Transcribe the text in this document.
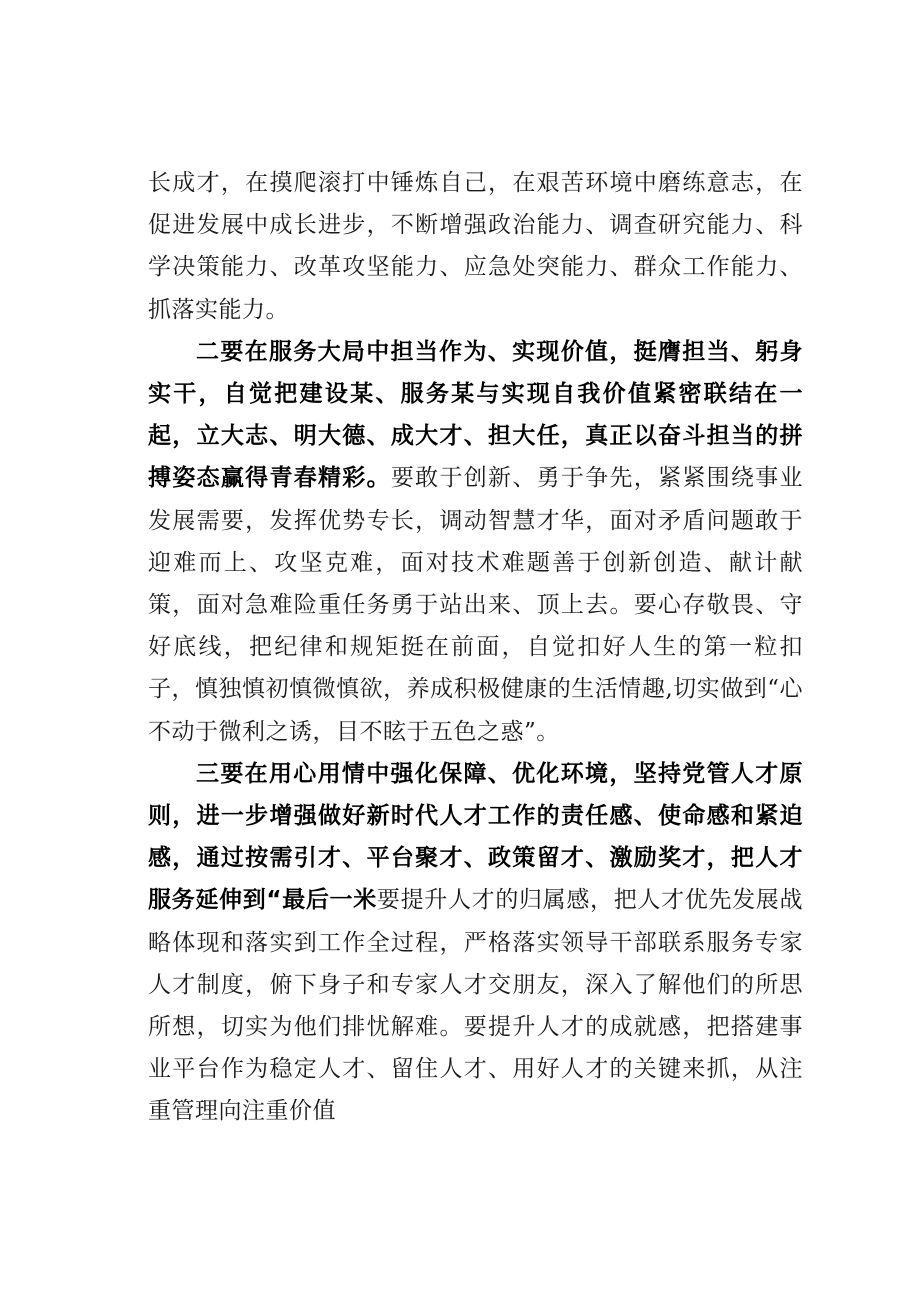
长成才，在摸爬滚打中锤炼自己，在艰苦环境中磨练意志，在促进发展中成长进步，不断增强政治能力、调查研究能力、科学决策能力、改革攻坚能力、应急处突能力、群众工作能力、抓落实能力。

二要在服务大局中担当作为、实现价值，挺膺担当、躬身实干，自觉把建设某、服务某与实现自我价值紧密联结在一起，立大志、明大德、成大才、担大任，真正以奋斗担当的拼搏姿态赢得青春精彩。要敢于创新、勇于争先，紧紧围绕事业发展需要，发挥优势专长，调动智慧才华，面对矛盾问题敢于迎难而上、攻坚克难，面对技术难题善于创新创造、献计献策，面对急难险重任务勇于站出来、顶上去。要心存敬畏、守好底线，把纪律和规矩挺在前面，自觉扣好人生的第一粒扣子，慎独慎初慎微慎欲，养成积极健康的生活情趣,切实做到“心不动于微利之诱，目不眩于五色之惑”。

三要在用心用情中强化保障、优化环境，坚持党管人才原则，进一步增强做好新时代人才工作的责任感、使命感和紧迫感，通过按需引才、平台聚才、政策留才、激励奖才，把人才服务延伸到“最后一米要提升人才的归属感，把人才优先发展战略体现和落实到工作全过程，严格落实领导干部联系服务专家人才制度，俯下身子和专家人才交朋友，深入了解他们的所思所想，切实为他们排忧解难。要提升人才的成就感，把搭建事业平台作为稳定人才、留住人才、用好人才的关键来抓，从注重管理向注重价值
